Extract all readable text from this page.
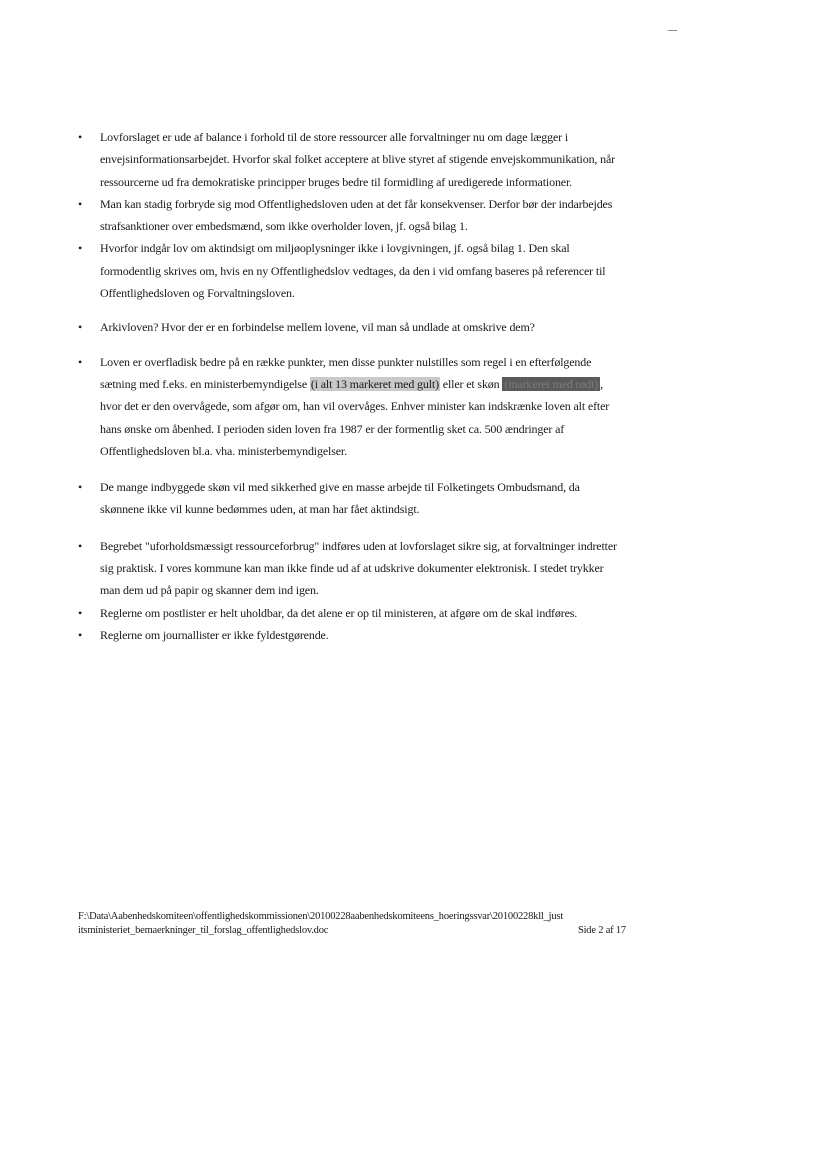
• Lovforslaget er ude af balance i forhold til de store ressourcer alle forvaltninger nu om dage lægger i envejsinformationsarbejdet. Hvorfor skal folket acceptere at blive styret af stigende envejskommunikation, når ressourcerne ud fra demokratiske principper bruges bedre til formidling af uredigerede informationer.
• Man kan stadig forbryde sig mod Offentlighedsloven uden at det får konsekvenser. Derfor bør der indarbejdes strafsanktioner over embedsmænd, som ikke overholder loven, jf. også bilag 1.
• Hvorfor indgår lov om aktindsigt om miljøoplysninger ikke i lovgivningen, jf. også bilag 1. Den skal formodentlig skrives om, hvis en ny Offentlighedslov vedtages, da den i vid omfang baseres på referencer til Offentlighedsloven og Forvaltningsloven.
• Arkivloven? Hvor der er en forbindelse mellem lovene, vil man så undlade at omskrive dem?
• Loven er overfladisk bedre på en række punkter, men disse punkter nulstilles som regel i en efterfølgende sætning med f.eks. en ministerbemyndigelse (i alt 13 markeret med gult) eller et skøn (markeret med rødt) , hvor det er den overvågede, som afgør om, han vil overvåges. Enhver minister kan indskrænke loven alt efter hans ønske om åbenhed. I perioden siden loven fra 1987 er der formentlig sket ca. 500 ændringer af Offentlighedsloven bl.a. vha. ministerbemyndigelser.
• De mange indbyggede skøn vil med sikkerhed give en masse arbejde til Folketingets Ombudsmand, da skønnene ikke vil kunne bedømmes uden, at man har fået aktindsigt.
• Begrebet "uforholdsmæssigt ressourceforbrug" indføres uden at lovforslaget sikre sig, at forvaltninger indretter sig praktisk. I vores kommune kan man ikke finde ud af at udskrive dokumenter elektronisk. I stedet trykker man dem ud på papir og skanner dem ind igen.
• Reglerne om postlister er helt uholdbar, da det alene er op til ministeren, at afgøre om de skal indføres.
• Reglerne om journallister er ikke fyldestgørende.
F:\Data\Aabenhedskomiteen\offentlighedskommissionen\20100228aabenhedskomiteens_hoeringssvar\20100228kll_just
itsministeriet_bemaerkninger_til_forslag_offentlighedslov.doc	Side 2 af 17
